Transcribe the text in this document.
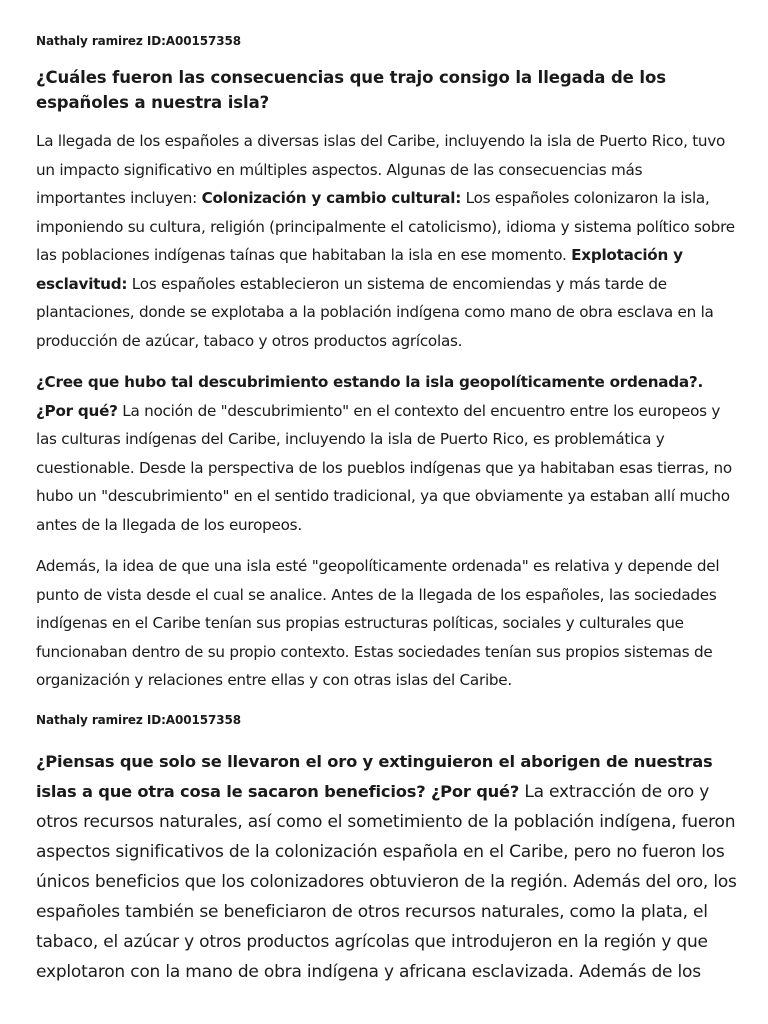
Nathaly ramirez ID:A00157358
¿Cuáles fueron las consecuencias que trajo consigo la llegada de los españoles a nuestra isla?
La llegada de los españoles a diversas islas del Caribe, incluyendo la isla de Puerto Rico, tuvo un impacto significativo en múltiples aspectos. Algunas de las consecuencias más importantes incluyen: Colonización y cambio cultural: Los españoles colonizaron la isla, imponiendo su cultura, religión (principalmente el catolicismo), idioma y sistema político sobre las poblaciones indígenas taínas que habitaban la isla en ese momento. Explotación y esclavitud: Los españoles establecieron un sistema de encomiendas y más tarde de plantaciones, donde se explotaba a la población indígena como mano de obra esclava en la producción de azúcar, tabaco y otros productos agrícolas.
¿Cree que hubo tal descubrimiento estando la isla geopolíticamente ordenada?. ¿Por qué? La noción de "descubrimiento" en el contexto del encuentro entre los europeos y las culturas indígenas del Caribe, incluyendo la isla de Puerto Rico, es problemática y cuestionable. Desde la perspectiva de los pueblos indígenas que ya habitaban esas tierras, no hubo un "descubrimiento" en el sentido tradicional, ya que obviamente ya estaban allí mucho antes de la llegada de los europeos.
Además, la idea de que una isla esté "geopolíticamente ordenada" es relativa y depende del punto de vista desde el cual se analice. Antes de la llegada de los españoles, las sociedades indígenas en el Caribe tenían sus propias estructuras políticas, sociales y culturales que funcionaban dentro de su propio contexto. Estas sociedades tenían sus propios sistemas de organización y relaciones entre ellas y con otras islas del Caribe.
Nathaly ramirez ID:A00157358
¿Piensas que solo se llevaron el oro y extinguieron el aborigen de nuestras islas a que otra cosa le sacaron beneficios? ¿Por qué? La extracción de oro y otros recursos naturales, así como el sometimiento de la población indígena, fueron aspectos significativos de la colonización española en el Caribe, pero no fueron los únicos beneficios que los colonizadores obtuvieron de la región. Además del oro, los españoles también se beneficiaron de otros recursos naturales, como la plata, el tabaco, el azúcar y otros productos agrícolas que introdujeron en la región y que explotaron con la mano de obra indígena y africana esclavizada. Además de los
